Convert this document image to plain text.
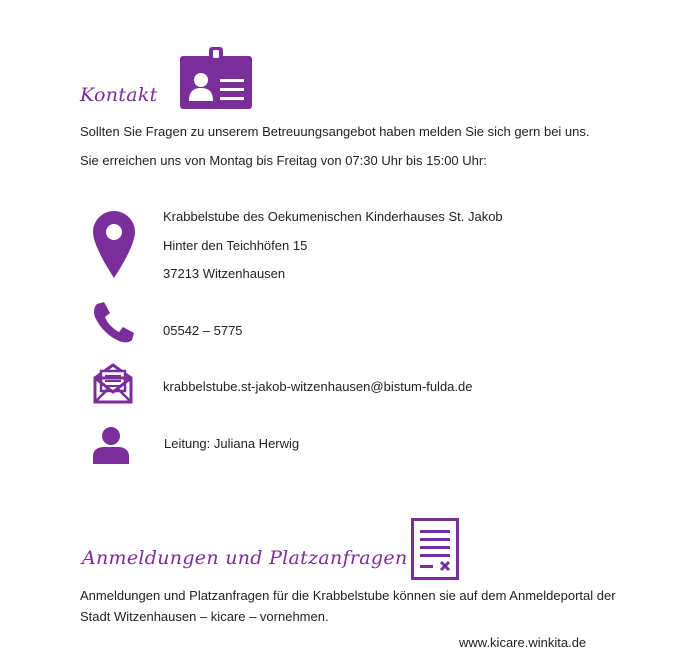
Kontakt
Sollten Sie Fragen zu unserem Betreuungsangebot haben melden Sie sich gern bei uns.
Sie erreichen uns von Montag bis Freitag von 07:30 Uhr bis 15:00 Uhr:
Krabbelstube des Oekumenischen Kinderhauses St. Jakob
Hinter den Teichhöfen 15
37213 Witzenhausen
05542 – 5775
krabbelstube.st-jakob-witzenhausen@bistum-fulda.de
Leitung: Juliana Herwig
Anmeldungen und Platzanfragen
Anmeldungen und Platzanfragen für die Krabbelstube können sie auf dem Anmeldeportal der Stadt Witzenhausen – kicare – vornehmen.
www.kicare.winkita.de
